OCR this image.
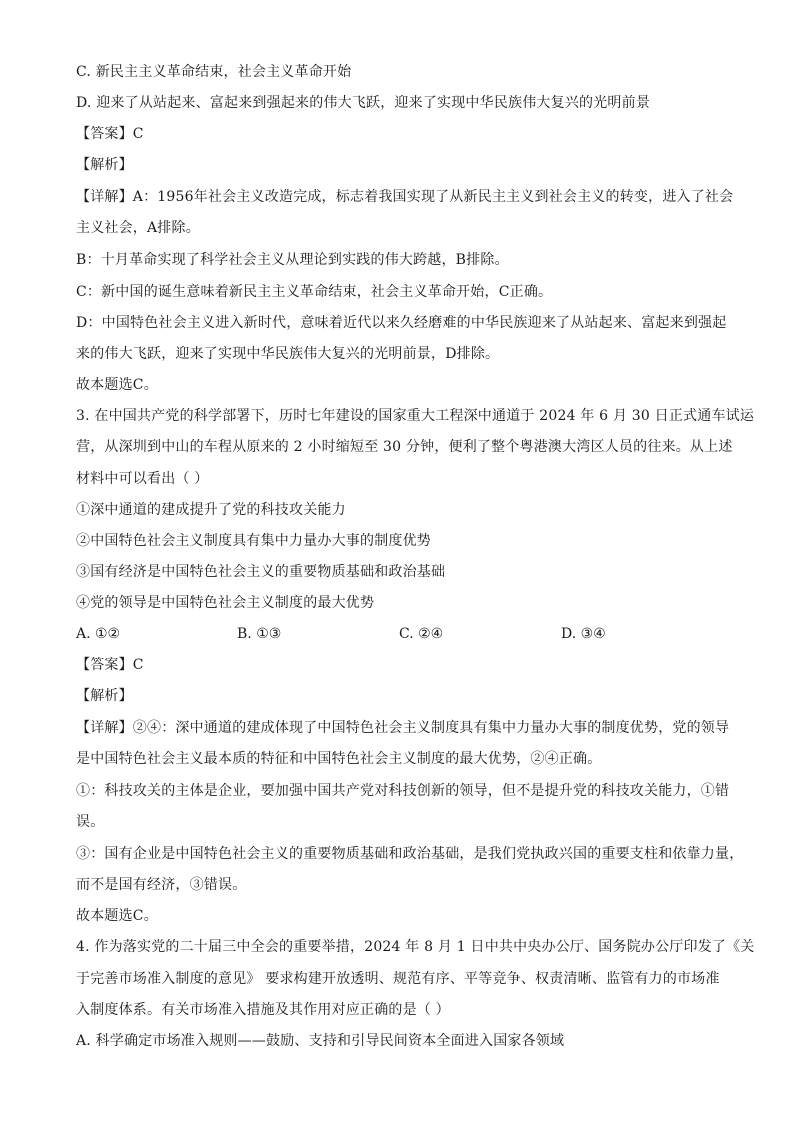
C. 新民主主义革命结束，社会主义革命开始
D. 迎来了从站起来、富起来到强起来的伟大飞跃，迎来了实现中华民族伟大复兴的光明前景
【答案】C
【解析】
【详解】A：1956年社会主义改造完成，标志着我国实现了从新民主主义到社会主义的转变，进入了社会
主义社会，A排除。
B：十月革命实现了科学社会主义从理论到实践的伟大跨越，B排除。
C：新中国的诞生意味着新民主主义革命结束，社会主义革命开始，C正确。
D：中国特色社会主义进入新时代，意味着近代以来久经磨难的中华民族迎来了从站起来、富起来到强起
来的伟大飞跃，迎来了实现中华民族伟大复兴的光明前景，D排除。
故本题选C。
3. 在中国共产党的科学部署下，历时七年建设的国家重大工程深中通道于 2024 年 6 月 30 日正式通车试运
营，从深圳到中山的车程从原来的 2 小时缩短至 30 分钟，便利了整个粤港澳大湾区人员的往来。从上述
材料中可以看出（ ）
①深中通道的建成提升了党的科技攻关能力
②中国特色社会主义制度具有集中力量办大事的制度优势
③国有经济是中国特色社会主义的重要物质基础和政治基础
④党的领导是中国特色社会主义制度的最大优势
A. ①②	B. ①③	C. ②④	D. ③④
【答案】C
【解析】
【详解】②④：深中通道的建成体现了中国特色社会主义制度具有集中力量办大事的制度优势，党的领导
是中国特色社会主义最本质的特征和中国特色社会主义制度的最大优势，②④正确。
①：科技攻关的主体是企业，要加强中国共产党对科技创新的领导，但不是提升党的科技攻关能力，①错
误。
③：国有企业是中国特色社会主义的重要物质基础和政治基础，是我们党执政兴国的重要支柱和依靠力量，
而不是国有经济，③错误。
故本题选C。
4. 作为落实党的二十届三中全会的重要举措，2024 年 8 月 1 日中共中央办公厅、国务院办公厅印发了《关
于完善市场准入制度的意见》 要求构建开放透明、规范有序、平等竞争、权责清晰、监管有力的市场准
入制度体系。有关市场准入措施及其作用对应正确的是（ ）
A. 科学确定市场准入规则——鼓励、支持和引导民间资本全面进入国家各领域
